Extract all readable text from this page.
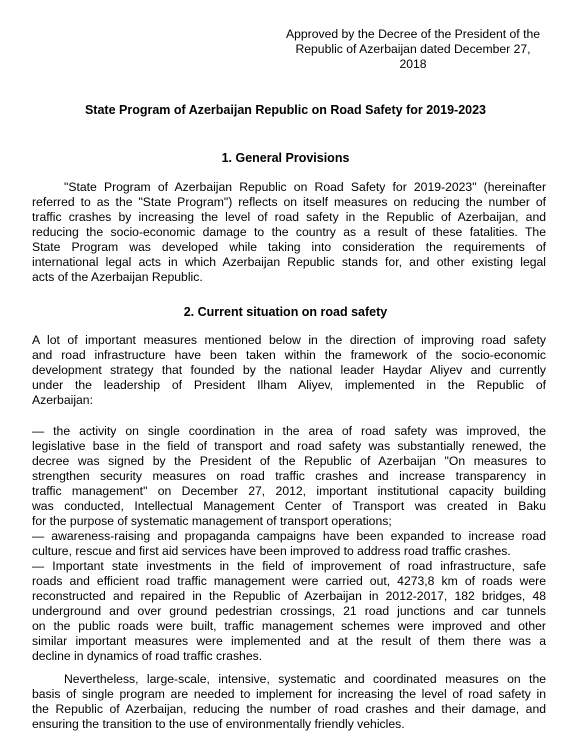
Approved by the Decree of the President of the
Republic of Azerbaijan dated December 27,
2018
State Program of Azerbaijan Republic on Road Safety for 2019-2023
1. General Provisions
"State Program of Azerbaijan Republic on Road Safety for 2019-2023" (hereinafter
referred to as the "State Program") reflects on itself measures on reducing the number of
traffic crashes by increasing the level of road safety in the Republic of Azerbaijan, and
reducing the socio-economic damage to the country as a result of these fatalities. The
State Program was developed while taking into consideration the requirements of
international legal acts in which Azerbaijan Republic stands for, and other existing legal
acts of the Azerbaijan Republic.
2. Current situation on road safety
A lot of important measures mentioned below in the direction of improving road safety
and road infrastructure have been taken within the framework of the socio-economic
development strategy that founded by the national leader Haydar Aliyev and currently
under the leadership of President Ilham Aliyev, implemented in the Republic of
Azerbaijan:
— the activity on single coordination in the area of road safety was improved, the
legislative base in the field of transport and road safety was substantially renewed, the
decree was signed by the President of the Republic of Azerbaijan "On measures to
strengthen security measures on road traffic crashes and increase transparency in
traffic management" on December 27, 2012, important institutional capacity building
was conducted, Intellectual Management Center of Transport was created in Baku
for the purpose of systematic management of transport operations;
— awareness-raising and propaganda campaigns have been expanded to increase road
culture, rescue and first aid services have been improved to address road traffic crashes.
— Important state investments in the field of improvement of road infrastructure, safe
roads and efficient road traffic management were carried out, 4273,8 km of roads were
reconstructed and repaired in the Republic of Azerbaijan in 2012-2017, 182 bridges, 48
underground and over ground pedestrian crossings, 21 road junctions and car tunnels
on the public roads were built, traffic management schemes were improved and other
similar important measures were implemented and at the result of them there was a
decline in dynamics of road traffic crashes.
Nevertheless, large-scale, intensive, systematic and coordinated measures on the
basis of single program are needed to implement for increasing the level of road safety in
the Republic of Azerbaijan, reducing the number of road crashes and their damage, and
ensuring the transition to the use of environmentally friendly vehicles.
